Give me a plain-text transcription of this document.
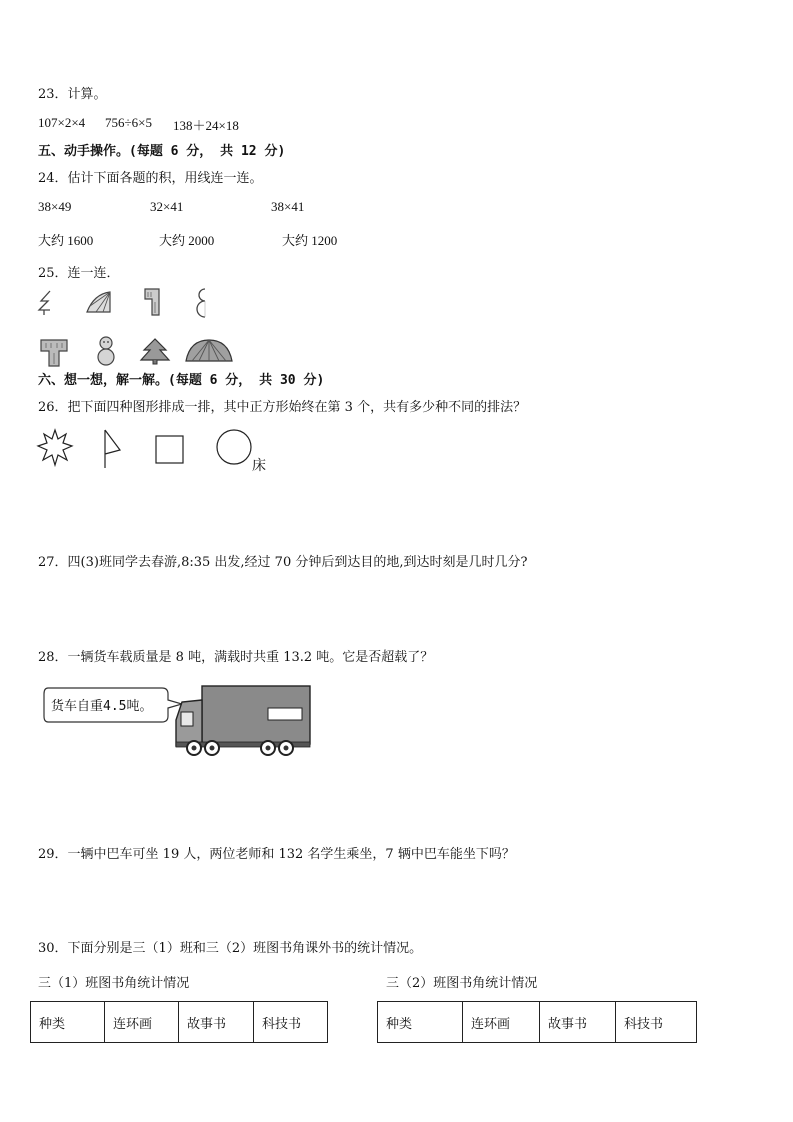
23．计算。
107×2×4 756÷6×5 138＋24×18
五、动手操作。(每题 6 分， 共 12 分)
24．估计下面各题的积，用线连一连。
38×49	32×41	38×41
大约 1600	大约 2000	大约 1200
25．连一连．
六、想一想，解一解。(每题 6 分， 共 30 分)
26．把下面四种图形排成一排，其中正方形始终在第 3 个，共有多少种不同的排法？
床
27．四(3)班同学去春游,8:35 出发,经过 70 分钟后到达目的地,到达时刻是几时几分?
28．一辆货车载质量是 8 吨，满载时共重 13.2 吨。它是否超载了？
货车自重4.5吨。
29．一辆中巴车可坐 19 人，两位老师和 132 名学生乘坐，7 辆中巴车能坐下吗？
30．下面分别是三（1）班和三（2）班图书角课外书的统计情况。
三（1）班图书角统计情况	三（2）班图书角统计情况
种类	连环画	故事书	科技书	种类	连环画	故事书	科技书
